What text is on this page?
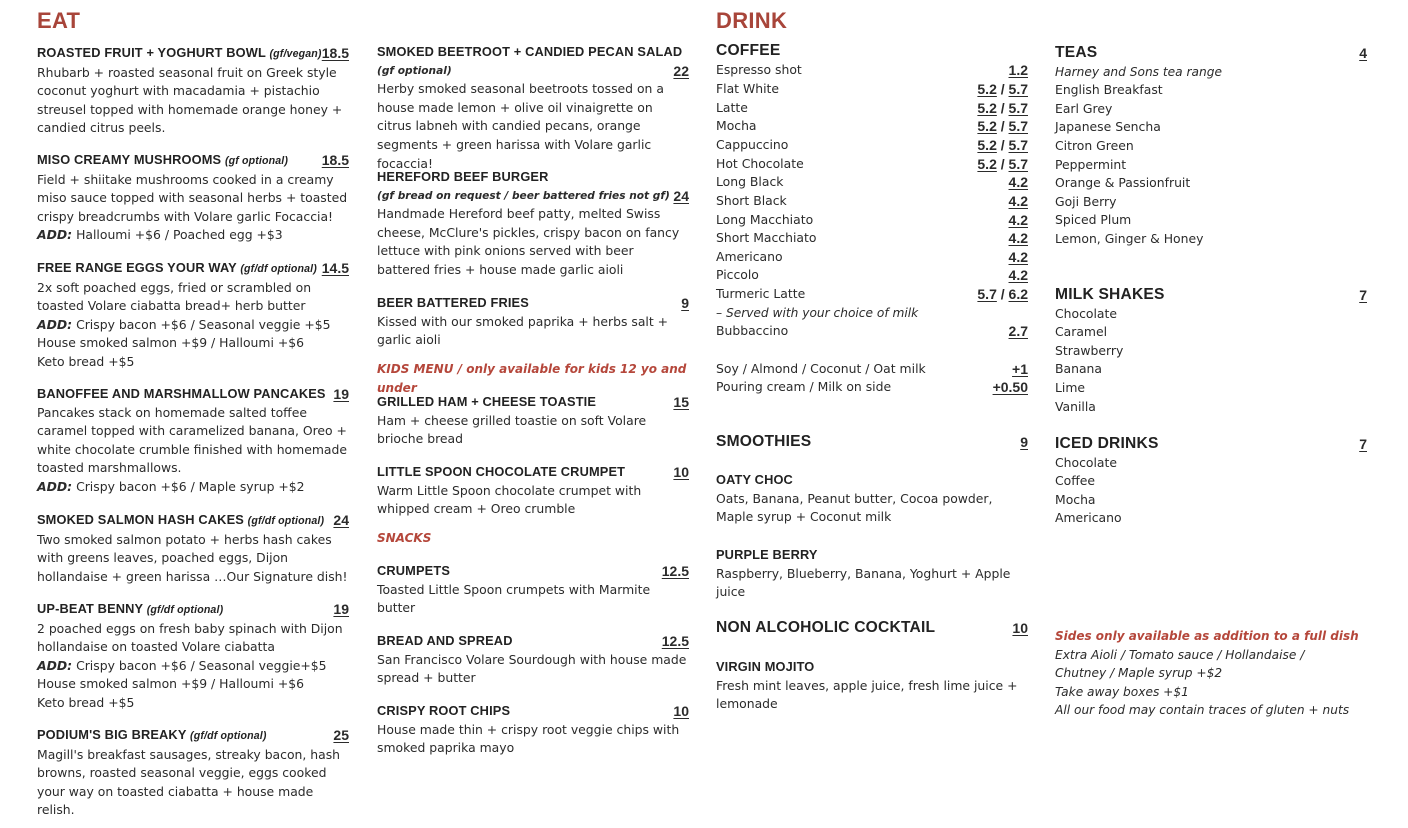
EAT
ROASTED FRUIT + YOGHURT BOWL (gf/vegan) 18.5

Rhubarb + roasted seasonal fruit on Greek style coconut yoghurt with macadamia + pistachio streusel topped with homemade orange honey + candied citrus peels.

MISO CREAMY MUSHROOMS (gf optional) 18.5

Field + shiitake mushrooms cooked in a creamy miso sauce topped with seasonal herbs + toasted crispy breadcrumbs with Volare garlic Focaccia!

ADD: Halloumi +$6 / Poached egg +$3
FREE RANGE EGGS YOUR WAY (gf/df optional) 14.5

2x soft poached eggs, fried or scrambled on toasted Volare ciabatta bread+ herb butter

ADD: Crispy bacon +$6 / Seasonal veggie +$5
House smoked salmon +$9 / Halloumi +$6
Keto bread +$5
BANOFFEE AND MARSHMALLOW PANCAKES 19

Pancakes stack on homemade salted toffee caramel topped with caramelized banana, Oreo + white chocolate crumble finished with homemade toasted marshmallows.

ADD: Crispy bacon +$6 / Maple syrup +$2
SMOKED SALMON HASH CAKES (gf/df optional) 24

Two smoked salmon potato + herbs hash cakes with greens leaves, poached eggs, Dijon hollandaise + green harissa …Our Signature dish!

UP-BEAT BENNY (gf/df optional)	19

2 poached eggs on fresh baby spinach with Dijon hollandaise on toasted Volare ciabatta

ADD: Crispy bacon +$6 / Seasonal veggie+$5
House smoked salmon +$9 / Halloumi +$6
Keto bread +$5
PODIUM'S BIG BREAKY (gf/df optional)	25

Magill's breakfast sausages, streaky bacon, hash browns, roasted seasonal veggie, eggs cooked your way on toasted ciabatta + house made relish.

SMOKED BEETROOT + CANDIED PECAN SALAD
(gf optional)	22

Herby smoked seasonal beetroots tossed on a house made lemon + olive oil vinaigrette on citrus labneh with candied pecans, orange segments + green harissa with Volare garlic focaccia!

HEREFORD BEEF BURGER
(gf bread on request / beer battered fries not gf) 24

Handmade Hereford beef patty, melted Swiss cheese, McClure's pickles, crispy bacon on fancy lettuce with pink onions served with beer battered fries + house made garlic aioli

BEER BATTERED FRIES	9

Kissed with our smoked paprika + herbs salt + garlic aioli

KIDS MENU / only available for kids 12 yo and under
GRILLED HAM + CHEESE TOASTIE	15

Ham + cheese grilled toastie on soft Volare brioche bread

LITTLE SPOON CHOCOLATE CRUMPET	10

Warm Little Spoon chocolate crumpet with whipped cream + Oreo crumble

SNACKS
CRUMPETS	12.5

Toasted Little Spoon crumpets with Marmite butter

BREAD AND SPREAD	12.5

San Francisco Volare Sourdough with house made spread + butter

CRISPY ROOT CHIPS	10

House made thin + crispy root veggie chips with smoked paprika mayo

DRINK
COFFEE
Espresso shot	1.2
Flat White	5.2 / 5.7
Latte	5.2 / 5.7
Mocha	5.2 / 5.7
Cappuccino	5.2 / 5.7
Hot Chocolate	5.2 / 5.7
Long Black	4.2
Short Black	4.2
Long Macchiato	4.2
Short Macchiato	4.2
Americano	4.2
Piccolo	4.2
Turmeric Latte	5.7 / 6.2
– Served with your choice of milk
Bubbaccino	2.7
Soy / Almond / Coconut / Oat milk	+1
Pouring cream / Milk on side	+0.50
SMOOTHIES	9
OATY CHOC

Oats, Banana, Peanut butter, Cocoa powder, Maple syrup + Coconut milk

PURPLE BERRY

Raspberry, Blueberry, Banana, Yoghurt + Apple juice

NON ALCOHOLIC COCKTAIL	10
VIRGIN MOJITO

Fresh mint leaves, apple juice, fresh lime juice + lemonade

TEAS	4
Harney and Sons tea range
English Breakfast
Earl Grey
Japanese Sencha
Citron Green
Peppermint
Orange & Passionfruit
Goji Berry
Spiced Plum
Lemon, Ginger & Honey
MILK SHAKES	7
Chocolate
Caramel
Strawberry
Banana
Lime
Vanilla
ICED DRINKS	7
Chocolate
Coffee
Mocha
Americano
Sides only available as addition to a full dish
Extra Aioli / Tomato sauce / Hollandaise /
Chutney / Maple syrup +$2
Take away boxes +$1
All our food may contain traces of gluten + nuts
